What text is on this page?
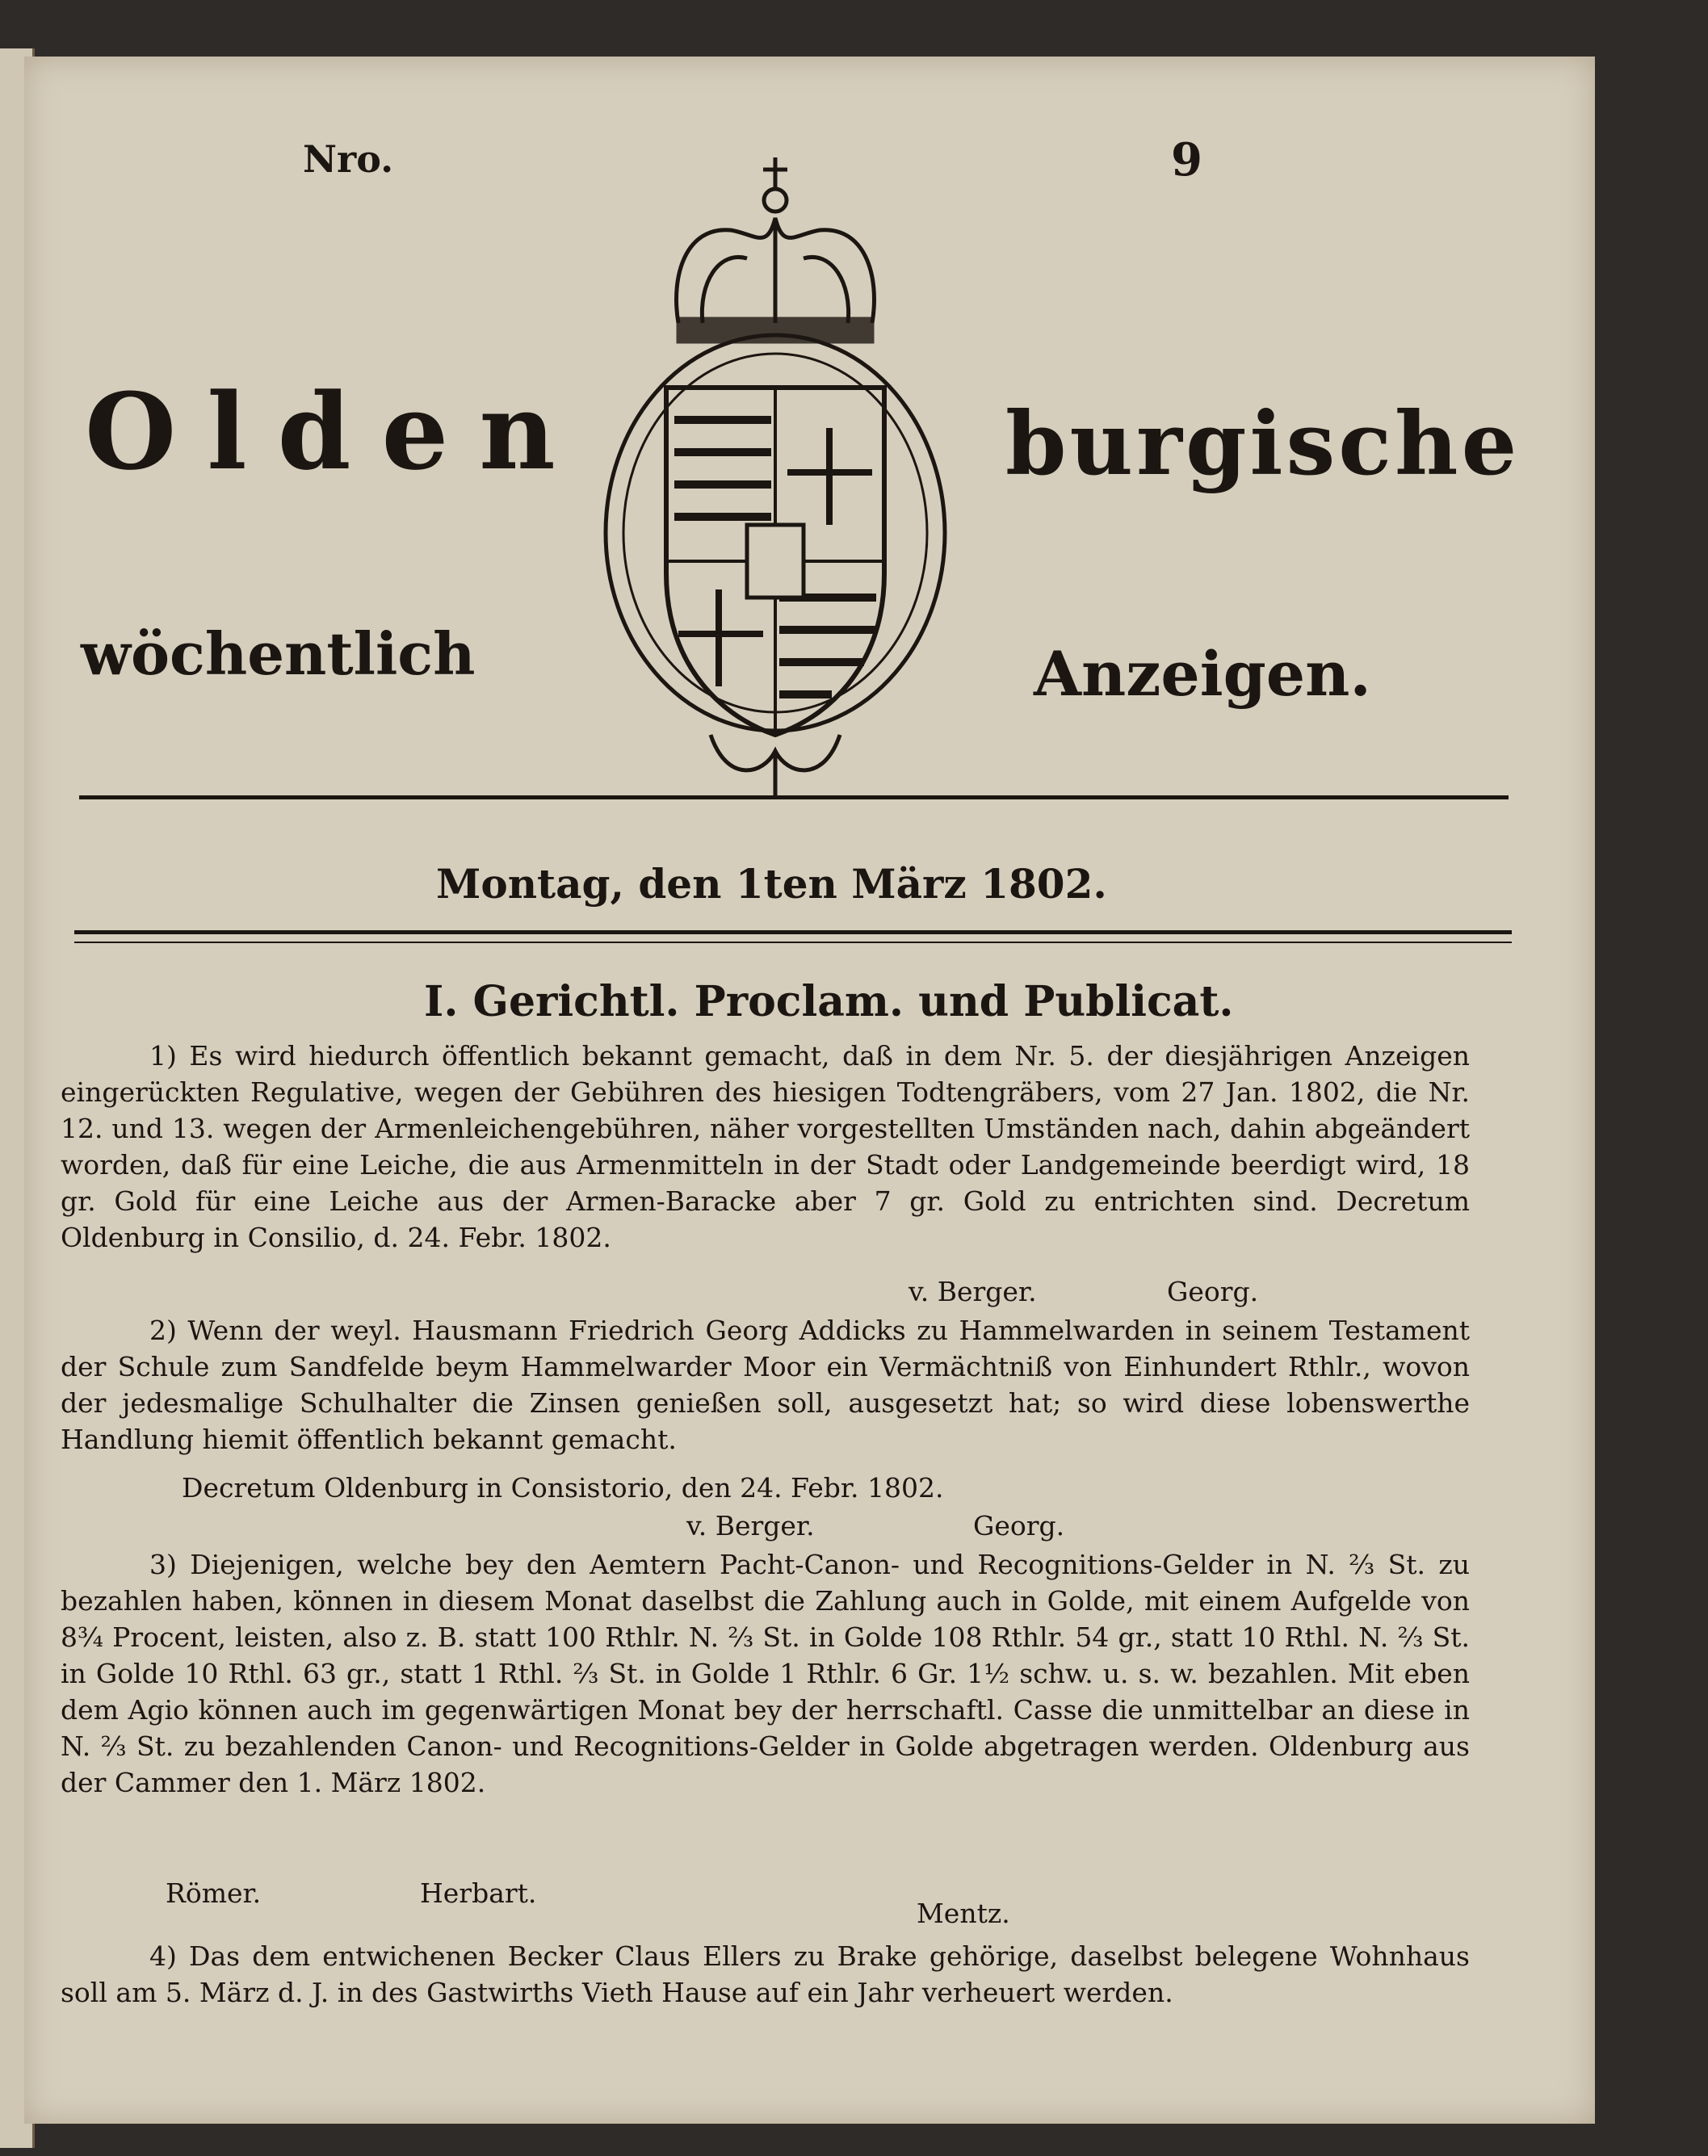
Nro.	9
Olden	burgische
wöchentlich	Anzeigen.
Montag, den 1ten März 1802.
I. Gerichtl. Proclam. und Publicat.
1) Es wird hiedurch öffentlich bekannt gemacht, daß in dem Nr. 5. der diesjährigen Anzeigen eingerückten Regulative, wegen der Gebühren des hiesigen Todtengräbers, vom 27 Jan. 1802, die Nr. 12. und 13. wegen der Armenleichengebühren, näher vorgestellten Umständen nach, dahin abgeändert worden, daß für eine Leiche, die aus Armenmitteln in der Stadt oder Landgemeinde beerdigt wird, 18 gr. Gold für eine Leiche aus der Armen-Baracke aber 7 gr. Gold zu entrichten sind. Decretum Oldenburg in Consilio, d. 24. Febr. 1802.
v. Berger.	Georg.
2) Wenn der weyl. Hausmann Friedrich Georg Addicks zu Hammelwarden in seinem Testament der Schule zum Sandfelde beym Hammelwarder Moor ein Vermächtniß von Einhundert Rthlr., wovon der jedesmalige Schulhalter die Zinsen genießen soll, ausgesetzt hat; so wird diese lobenswerthe Handlung hiemit öffentlich bekannt gemacht.
Decretum Oldenburg in Consistorio, den 24. Febr. 1802.
v. Berger.	Georg.
3) Diejenigen, welche bey den Aemtern Pacht-Canon- und Recognitions-Gelder in N. ⅔ St. zu bezahlen haben, können in diesem Monat daselbst die Zahlung auch in Golde, mit einem Aufgelde von 8¾ Procent, leisten, also z. B. statt 100 Rthlr. N. ⅔ St. in Golde 108 Rthlr. 54 gr., statt 10 Rthl. N. ⅔ St. in Golde 10 Rthl. 63 gr., statt 1 Rthl. ⅔ St. in Golde 1 Rthlr. 6 Gr. 1½ schw. u. s. w. bezahlen. Mit eben dem Agio können auch im gegenwärtigen Monat bey der herrschaftl. Casse die unmittelbar an diese in N. ⅔ St. zu bezahlenden Canon- und Recognitions-Gelder in Golde abgetragen werden. Oldenburg aus der Cammer den 1. März 1802.
Römer.	Herbart.
Mentz.
4) Das dem entwichenen Becker Claus Ellers zu Brake gehörige, daselbst belegene Wohnhaus soll am 5. März d. J. in des Gastwirths Vieth Hause auf ein Jahr verheuert werden.
